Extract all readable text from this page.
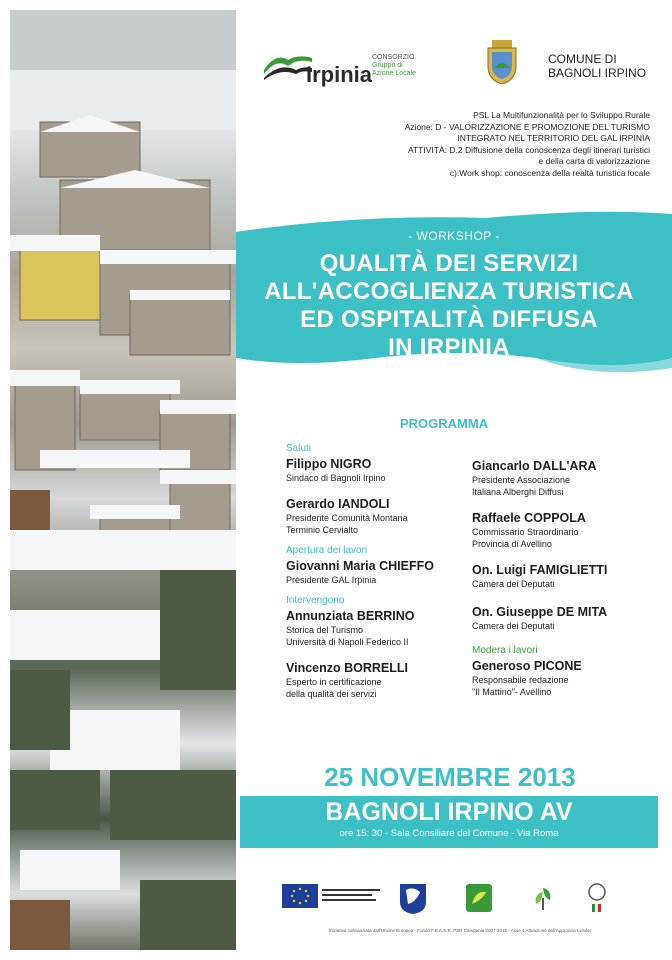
Irpinia
CONSORZIO
Gruppo di
Azione Locale
COMUNE DI
BAGNOLI IRPINO
PSL La Multifunzionalità per lo Sviluppo Rurale
Azione: D - VALORIZZAZIONE E PROMOZIONE DEL TURISMO
INTEGRATO NEL TERRITORIO DEL GAL IRPINIA
ATTIVITÀ: D.2 Diffusione della conoscenza degli itinerari turistici
e della carta di valorizzazione
c):Work shop: conoscenza della realtà turistica locale
- WORKSHOP -
QUALITÀ DEI SERVIZI
ALL'ACCOGLIENZA TURISTICA
ED OSPITALITÀ DIFFUSA
IN IRPINIA
PROGRAMMA
Saluti
Filippo NIGRO
Sindaco di Bagnoli Irpino
Gerardo IANDOLI
Presidente Comunità Montana
Terminio Cervialto
Apertura dei lavori
Giovanni Maria CHIEFFO
Presidente GAL Irpinia
Intervengono
Annunziata BERRINO
Storica del Turismo
Università di Napoli Federico II
Vincenzo BORRELLI
Esperto in certificazione
della qualità dei servizi
Giancarlo DALL'ARA
Presidente Associazione
Italiana Alberghi Diffusi
Raffaele COPPOLA
Commissario Straordinario
Provincia di Avellino
On. Luigi FAMIGLIETTI
Camera dei Deputati
On. Giuseppe DE MITA
Camera dei Deputati
Modera i lavori
Generoso PICONE
Responsabile redazione
"Il Mattino"- Avellino
25 NOVEMBRE 2013
BAGNOLI IRPINO AV
ore 15: 30 - Sala Consiliare del Comune - Via Roma
Iniziativa cofinanziata dall'Unione Europea - Fondo F.E.A.S.R. PSR Campania 2007-2013 - Asse 4 Attuazione dell'Approccio Leader
